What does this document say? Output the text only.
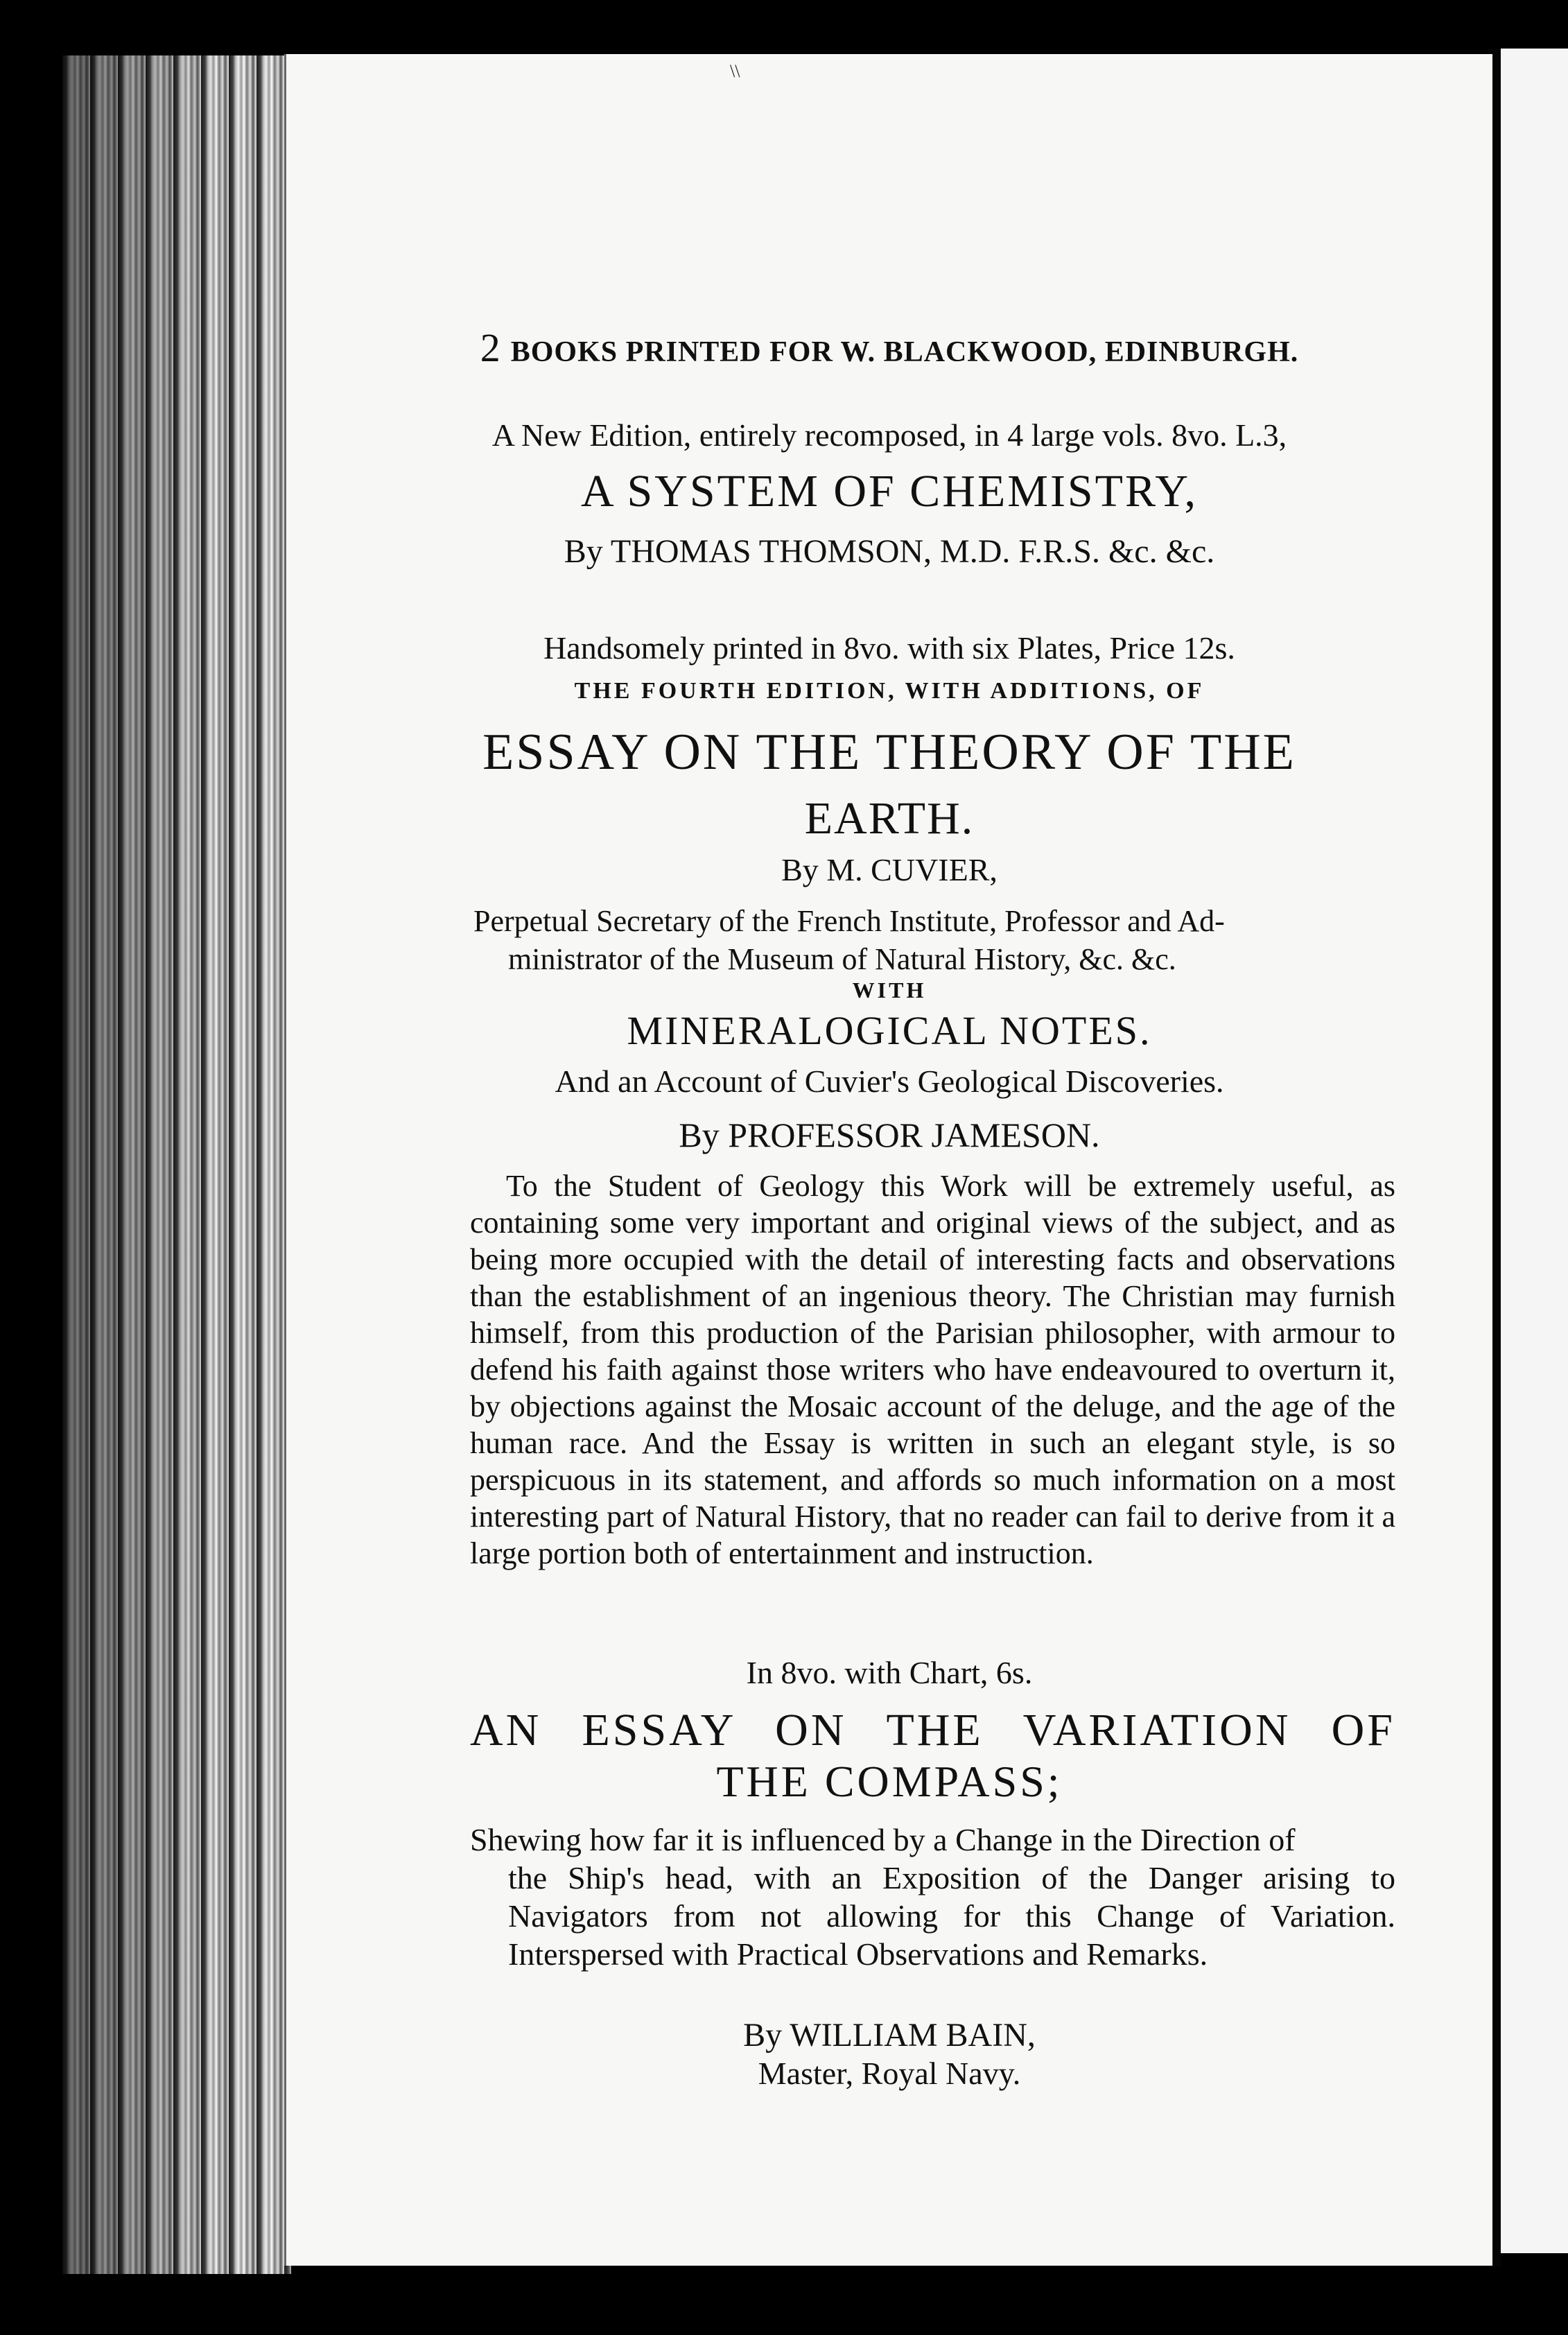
2 BOOKS PRINTED FOR W. BLACKWOOD, EDINBURGH.
A New Edition, entirely recomposed, in 4 large vols. 8vo. L.3,
A SYSTEM OF CHEMISTRY,
By THOMAS THOMSON, M.D. F.R.S. &c. &c.
Handsomely printed in 8vo. with six Plates, Price 12s.
THE FOURTH EDITION, WITH ADDITIONS, OF
ESSAY ON THE THEORY OF THE
EARTH.
By M. CUVIER,
Perpetual Secretary of the French Institute, Professor and Ad-
ministrator of the Museum of Natural History, &c. &c.
WITH
MINERALOGICAL NOTES.
And an Account of Cuvier's Geological Discoveries.
By PROFESSOR JAMESON.
To the Student of Geology this Work will be extremely useful, as containing some very important and original views of the subject, and as being more occupied with the detail of interesting facts and observations than the establishment of an ingenious theory. The Christian may furnish himself, from this production of the Parisian philosopher, with armour to defend his faith against those writers who have endeavoured to overturn it, by objections against the Mosaic account of the deluge, and the age of the human race. And the Essay is written in such an elegant style, is so perspicuous in its statement, and affords so much information on a most interesting part of Natural History, that no reader can fail to derive from it a large portion both of entertainment and instruction.
In 8vo. with Chart, 6s.
AN ESSAY ON THE VARIATION OF
THE COMPASS;
Shewing how far it is influenced by a Change in the Direction of
the Ship's head, with an Exposition of the Danger arising to Navigators from not allowing for this Change of Variation. Interspersed with Practical Observations and Remarks.
By WILLIAM BAIN,
Master, Royal Navy.
\\
